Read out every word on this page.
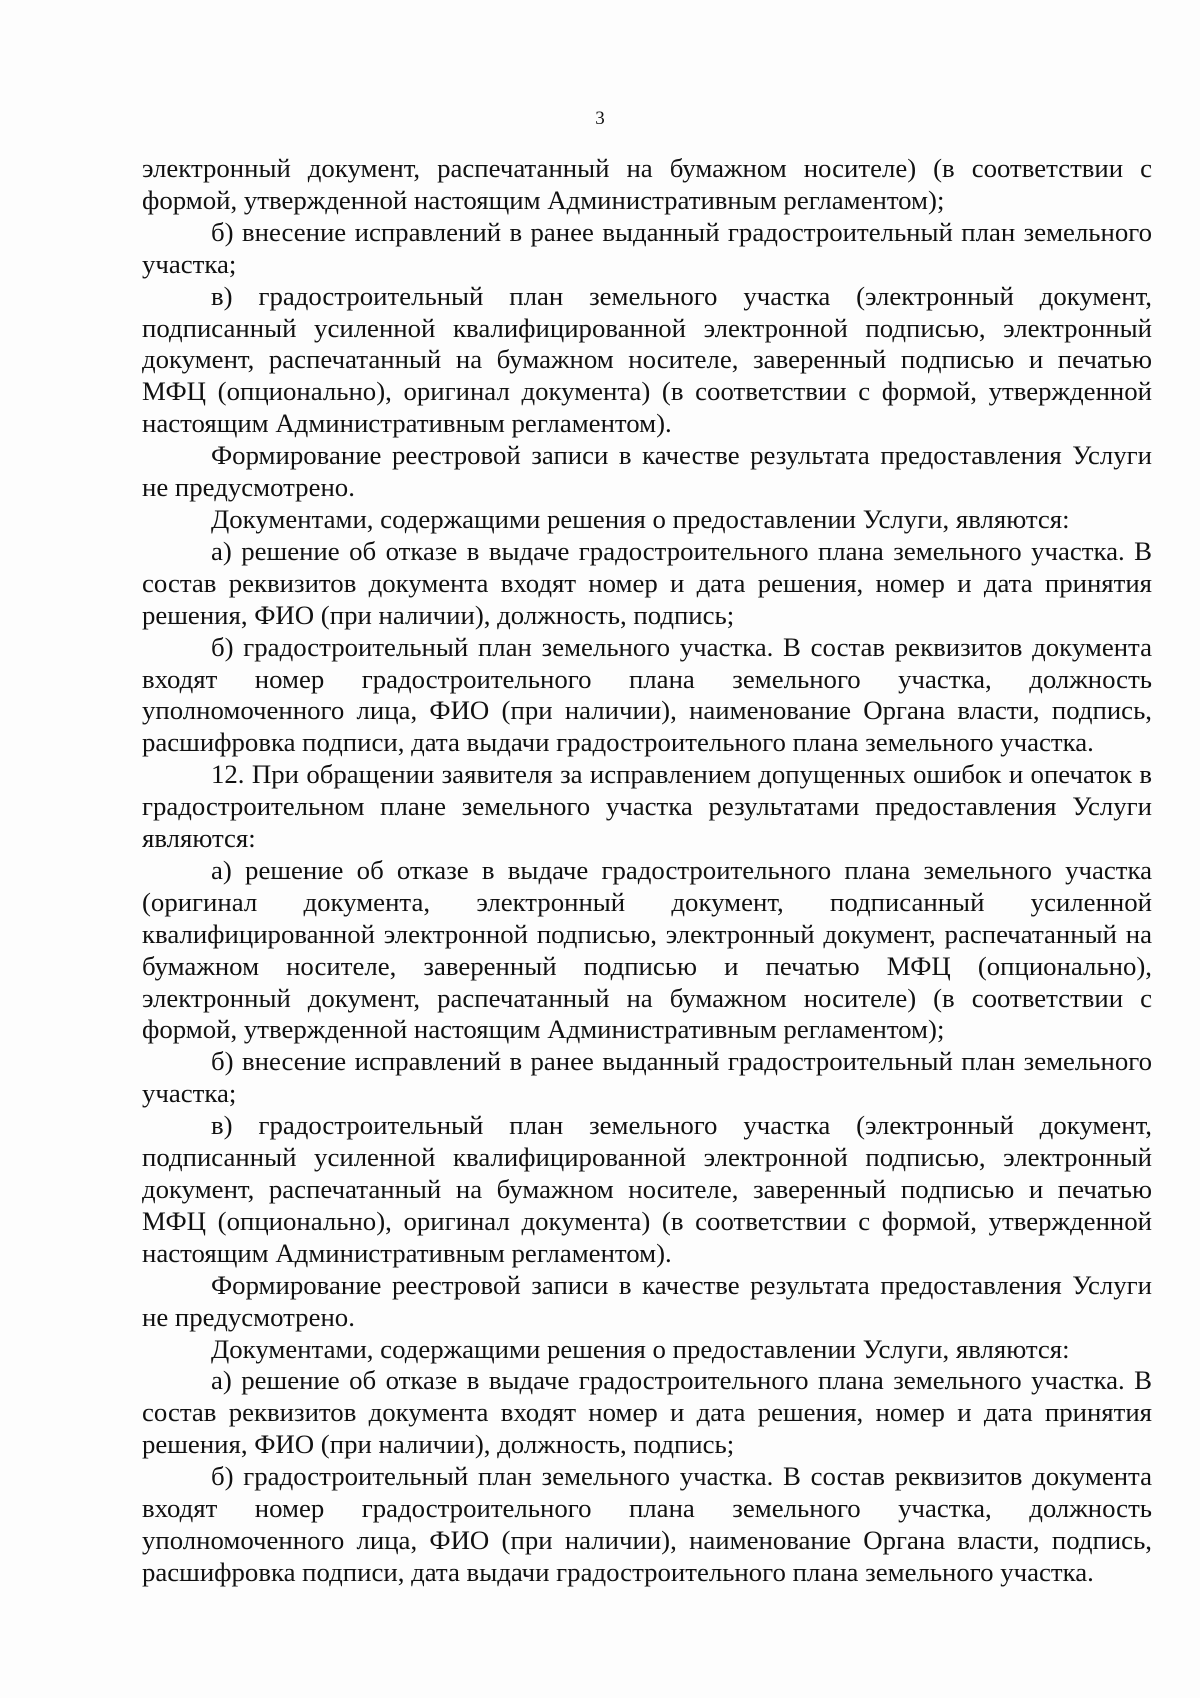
3

электронный документ, распечатанный на бумажном носителе) (в соответствии с формой, утвержденной настоящим Административным регламентом);

б) внесение исправлений в ранее выданный градостроительный план земельного участка;

в) градостроительный план земельного участка (электронный документ, подписанный усиленной квалифицированной электронной подписью, электронный документ, распечатанный на бумажном носителе, заверенный подписью и печатью МФЦ (опционально), оригинал документа) (в соответствии с формой, утвержденной настоящим Административным регламентом).

Формирование реестровой записи в качестве результата предоставления Услуги не предусмотрено.

Документами, содержащими решения о предоставлении Услуги, являются:

а) решение об отказе в выдаче градостроительного плана земельного участка. В состав реквизитов документа входят номер и дата решения, номер и дата принятия решения, ФИО (при наличии), должность, подпись;

б) градостроительный план земельного участка. В состав реквизитов документа входят номер градостроительного плана земельного участка, должность уполномоченного лица, ФИО (при наличии), наименование Органа власти, подпись, расшифровка подписи, дата выдачи градостроительного плана земельного участка.

12. При обращении заявителя за исправлением допущенных ошибок и опечаток в градостроительном плане земельного участка результатами предоставления Услуги являются:

а) решение об отказе в выдаче градостроительного плана земельного участка (оригинал документа, электронный документ, подписанный усиленной квалифицированной электронной подписью, электронный документ, распечатанный на бумажном носителе, заверенный подписью и печатью МФЦ (опционально), электронный документ, распечатанный на бумажном носителе) (в соответствии с формой, утвержденной настоящим Административным регламентом);

б) внесение исправлений в ранее выданный градостроительный план земельного участка;

в) градостроительный план земельного участка (электронный документ, подписанный усиленной квалифицированной электронной подписью, электронный документ, распечатанный на бумажном носителе, заверенный подписью и печатью МФЦ (опционально), оригинал документа) (в соответствии с формой, утвержденной настоящим Административным регламентом).

Формирование реестровой записи в качестве результата предоставления Услуги не предусмотрено.

Документами, содержащими решения о предоставлении Услуги, являются:

а) решение об отказе в выдаче градостроительного плана земельного участка. В состав реквизитов документа входят номер и дата решения, номер и дата принятия решения, ФИО (при наличии), должность, подпись;

б) градостроительный план земельного участка. В состав реквизитов документа входят номер градостроительного плана земельного участка, должность уполномоченного лица, ФИО (при наличии), наименование Органа власти, подпись, расшифровка подписи, дата выдачи градостроительного плана земельного участка.
